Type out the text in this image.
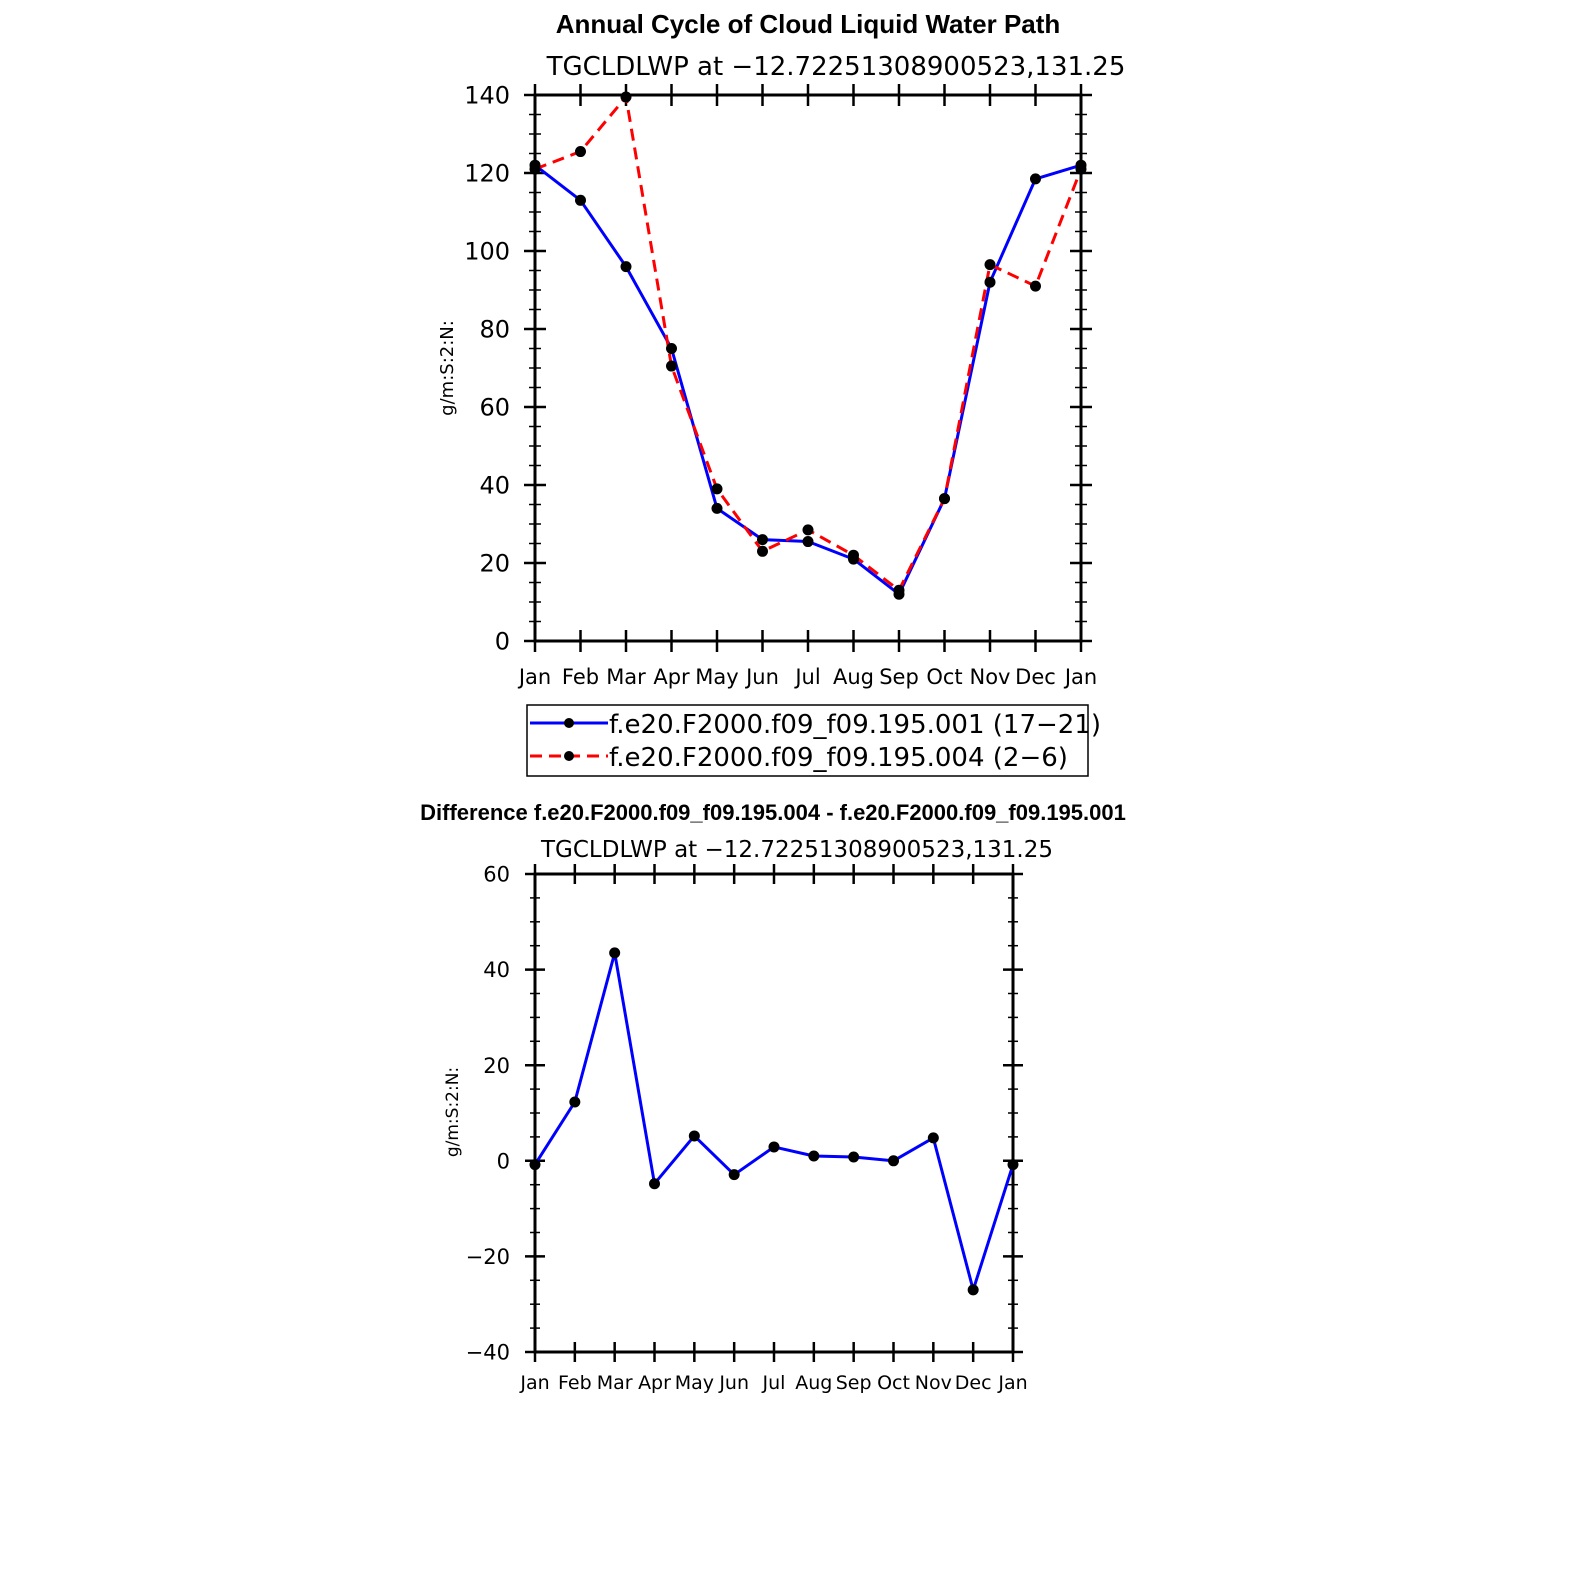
Annual Cycle of Cloud Liquid Water Path
TGCLDLWP at −12.72251308900523,131.25
g/m:S:2:N:
0
20
40
60
80
100
120
140
Jan Feb Mar Apr May Jun Jul Aug Sep Oct Nov Dec Jan
f.e20.F2000.f09_f09.195.001 (17−21)
f.e20.F2000.f09_f09.195.004 (2−6)
Difference f.e20.F2000.f09_f09.195.004 - f.e20.F2000.f09_f09.195.001
TGCLDLWP at −12.72251308900523,131.25
g/m:S:2:N:
−40
−20
0
20
40
60
Jan Feb Mar Apr May Jun Jul Aug Sep Oct Nov Dec Jan
